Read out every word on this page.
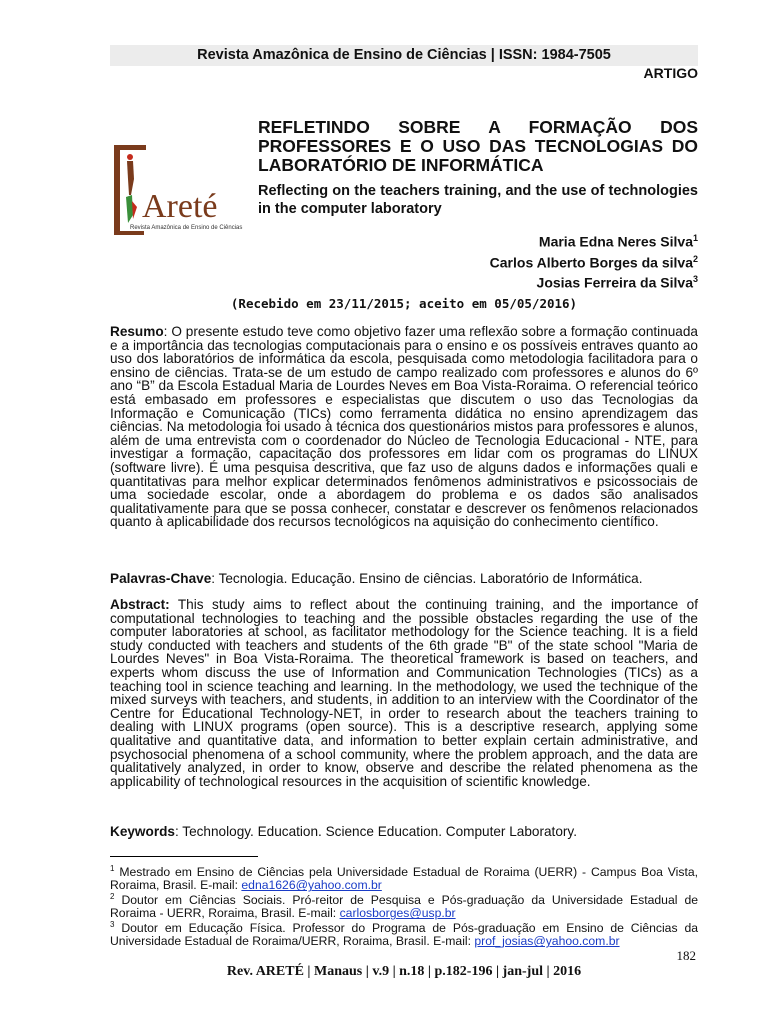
Revista Amazônica de Ensino de Ciências | ISSN: 1984-7505
ARTIGO
Areté
Revista Amazônica de Ensino de Ciências
REFLETINDO SOBRE A FORMAÇÃO DOS PROFESSORES E O USO DAS TECNOLOGIAS DO LABORATÓRIO DE INFORMÁTICA
Reflecting on the teachers training, and the use of technologies in the computer laboratory
Maria Edna Neres Silva$^1$
Carlos Alberto Borges da silva$^2$
Josias Ferreira da Silva$^3$
(Recebido em 23/11/2015; aceito em 05/05/2016)
Resumo: O presente estudo teve como objetivo fazer uma reflexão sobre a formação continuada e a importância das tecnologias computacionais para o ensino e os possíveis entraves quanto ao uso dos laboratórios de informática da escola, pesquisada como metodologia facilitadora para o ensino de ciências. Trata-se de um estudo de campo realizado com professores e alunos do 6º ano “B” da Escola Estadual Maria de Lourdes Neves em Boa Vista-Roraima. O referencial teórico está embasado em professores e especialistas que discutem o uso das Tecnologias da Informação e Comunicação (TICs) como ferramenta didática no ensino aprendizagem das ciências. Na metodologia foi usado à técnica dos questionários mistos para professores e alunos, além de uma entrevista com o coordenador do Núcleo de Tecnologia Educacional - NTE, para investigar a formação, capacitação dos professores em lidar com os programas do LINUX (software livre). É uma pesquisa descritiva, que faz uso de alguns dados e informações quali e quantitativas para melhor explicar determinados fenômenos administrativos e psicossociais de uma sociedade escolar, onde a abordagem do problema e os dados são analisados qualitativamente para que se possa conhecer, constatar e descrever os fenômenos relacionados quanto à aplicabilidade dos recursos tecnológicos na aquisição do conhecimento científico.
Palavras-Chave: Tecnologia. Educação. Ensino de ciências. Laboratório de Informática.
Abstract: This study aims to reflect about the continuing training, and the importance of computational technologies to teaching and the possible obstacles regarding the use of the computer laboratories at school, as facilitator methodology for the Science teaching. It is a field study conducted with teachers and students of the 6th grade "B" of the state school "Maria de Lourdes Neves" in Boa Vista-Roraima. The theoretical framework is based on teachers, and experts whom discuss the use of Information and Communication Technologies (TICs) as a teaching tool in science teaching and learning. In the methodology, we used the technique of the mixed surveys with teachers, and students, in addition to an interview with the Coordinator of the Centre for Educational Technology-NET, in order to research about the teachers training to dealing with LINUX programs (open source). This is a descriptive research, applying some qualitative and quantitative data, and information to better explain certain administrative, and psychosocial phenomena of a school community, where the problem approach, and the data are qualitatively analyzed, in order to know, observe and describe the related phenomena as the applicability of technological resources in the acquisition of scientific knowledge.
Keywords: Technology. Education. Science Education. Computer Laboratory.
$^1$ Mestrado em Ensino de Ciências pela Universidade Estadual de Roraima (UERR) - Campus Boa Vista, Roraima, Brasil. E-mail: edna1626@yahoo.com.br
$^2$ Doutor em Ciências Sociais. Pró-reitor de Pesquisa e Pós-graduação da Universidade Estadual de Roraima - UERR, Roraima, Brasil. E-mail: carlosborges@usp.br
$^3$ Doutor em Educação Física. Professor do Programa de Pós-graduação em Ensino de Ciências da Universidade Estadual de Roraima/UERR, Roraima, Brasil. E-mail: prof_josias@yahoo.com.br
182
Rev. ARETÉ | Manaus | v.9 | n.18 | p.182-196 | jan-jul | 2016
